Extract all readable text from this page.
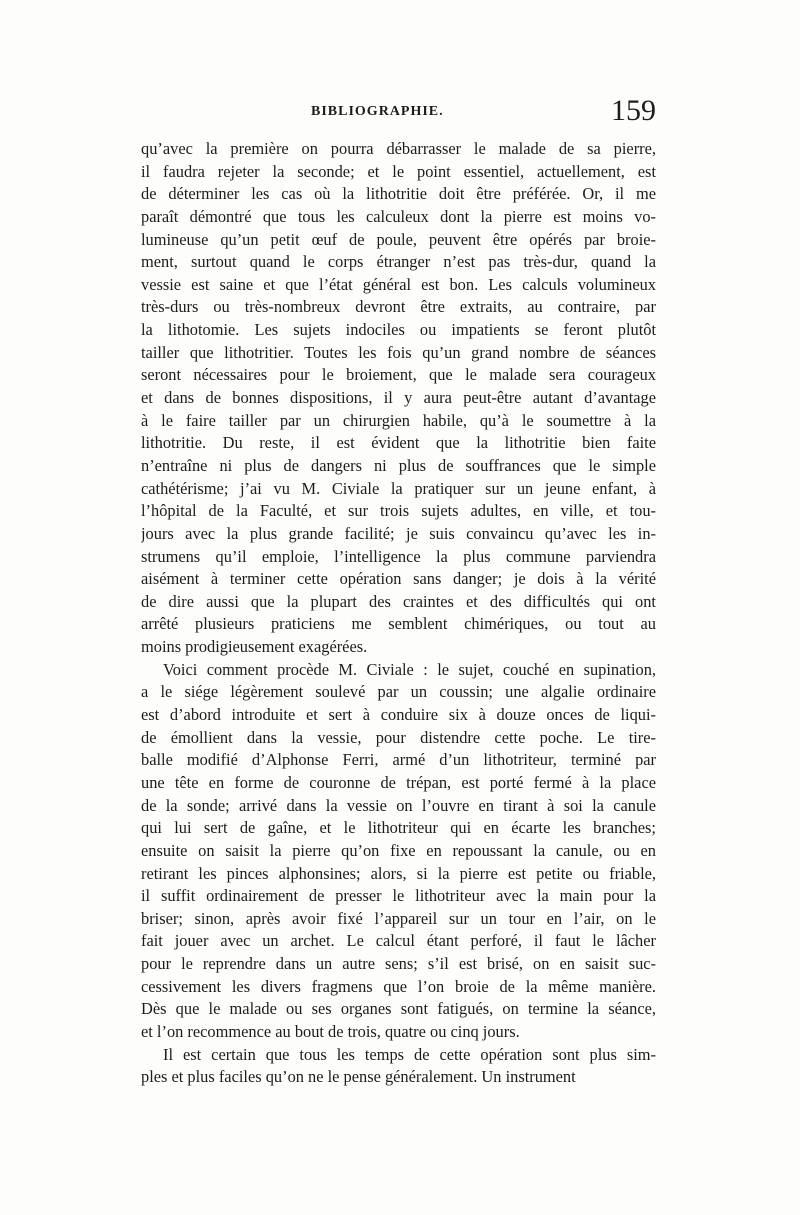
BIBLIOGRAPHIE.	159
qu’avec la première on pourra débarrasser le malade de sa pierre,
il faudra rejeter la seconde; et le point essentiel, actuellement, est
de déterminer les cas où la lithotritie doit être préférée. Or, il me
paraît démontré que tous les calculeux dont la pierre est moins vo-
lumineuse qu’un petit œuf de poule, peuvent être opérés par broie-
ment, surtout quand le corps étranger n’est pas très-dur, quand la
vessie est saine et que l’état général est bon. Les calculs volumineux
très-durs ou très-nombreux devront être extraits, au contraire, par
la lithotomie. Les sujets indociles ou impatients se feront plutôt
tailler que lithotritier. Toutes les fois qu’un grand nombre de séances
seront nécessaires pour le broiement, que le malade sera courageux
et dans de bonnes dispositions, il y aura peut-être autant d’avantage
à le faire tailler par un chirurgien habile, qu’à le soumettre à la
lithotritie. Du reste, il est évident que la lithotritie bien faite
n’entraîne ni plus de dangers ni plus de souffrances que le simple
cathétérisme; j’ai vu M. Civiale la pratiquer sur un jeune enfant, à
l’hôpital de la Faculté, et sur trois sujets adultes, en ville, et tou-
jours avec la plus grande facilité; je suis convaincu qu’avec les in-
strumens qu’il emploie, l’intelligence la plus commune parviendra
aisément à terminer cette opération sans danger; je dois à la vérité
de dire aussi que la plupart des craintes et des difficultés qui ont
arrêté plusieurs praticiens me semblent chimériques, ou tout au
moins prodigieusement exagérées.
Voici comment procède M. Civiale : le sujet, couché en supination,
a le siége légèrement soulevé par un coussin; une algalie ordinaire
est d’abord introduite et sert à conduire six à douze onces de liqui-
de émollient dans la vessie, pour distendre cette poche. Le tire-
balle modifié d’Alphonse Ferri, armé d’un lithotriteur, terminé par
une tête en forme de couronne de trépan, est porté fermé à la place
de la sonde; arrivé dans la vessie on l’ouvre en tirant à soi la canule
qui lui sert de gaîne, et le lithotriteur qui en écarte les branches;
ensuite on saisit la pierre qu’on fixe en repoussant la canule, ou en
retirant les pinces alphonsines; alors, si la pierre est petite ou friable,
il suffit ordinairement de presser le lithotriteur avec la main pour la
briser; sinon, après avoir fixé l’appareil sur un tour en l’air, on le
fait jouer avec un archet. Le calcul étant perforé, il faut le lâcher
pour le reprendre dans un autre sens; s’il est brisé, on en saisit suc-
cessivement les divers fragmens que l’on broie de la même manière.
Dès que le malade ou ses organes sont fatigués, on termine la séance,
et l’on recommence au bout de trois, quatre ou cinq jours.
Il est certain que tous les temps de cette opération sont plus sim-
ples et plus faciles qu’on ne le pense généralement. Un instrument
